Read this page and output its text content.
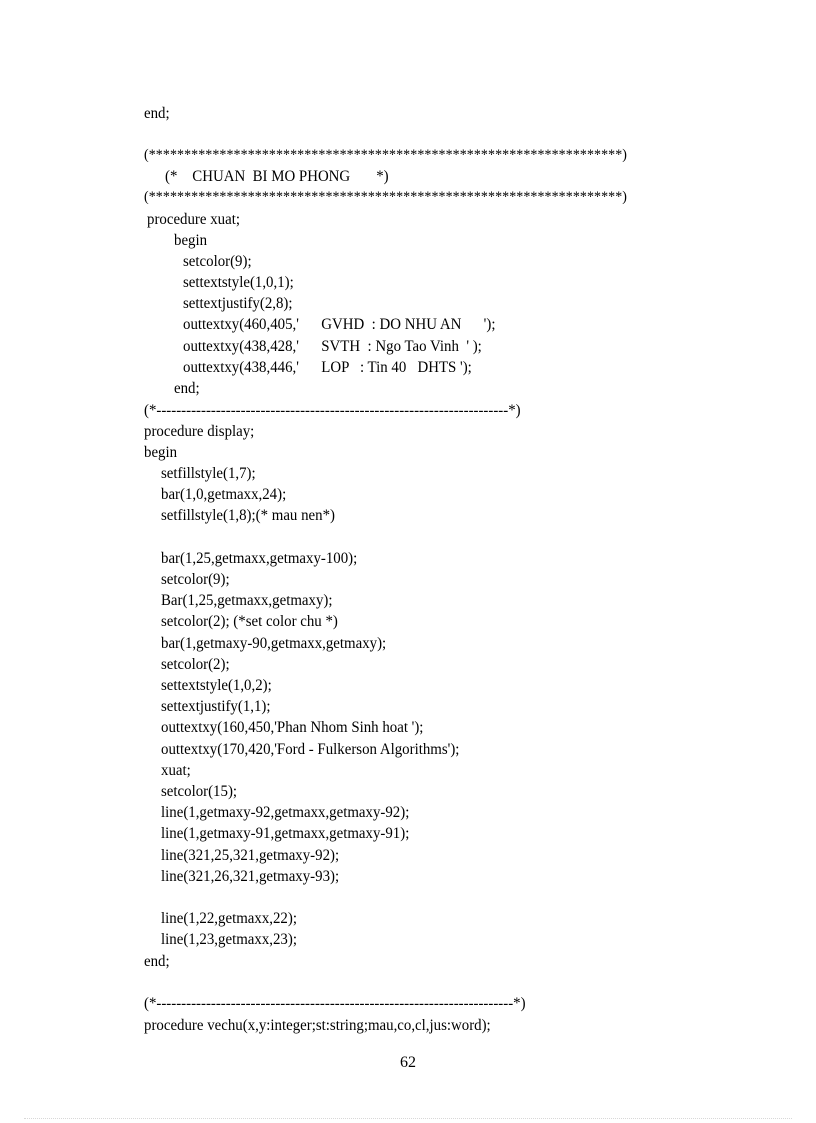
end;
(*******************************************************************)
(*    CHUAN  BI MO PHONG       *)
(*******************************************************************)
procedure xuat;
begin
setcolor(9);
settextstyle(1,0,1);
settextjustify(2,8);
outtextxy(460,405,'      GVHD  : DO NHU AN      ');
outtextxy(438,428,'      SVTH  : Ngo Tao Vinh  ' );
outtextxy(438,446,'      LOP   : Tin 40   DHTS ');
end;
(*-----------------------------------------------------------------------*)
procedure display;
begin
setfillstyle(1,7);
bar(1,0,getmaxx,24);
setfillstyle(1,8);(* mau nen*)
bar(1,25,getmaxx,getmaxy-100);
setcolor(9);
Bar(1,25,getmaxx,getmaxy);
setcolor(2); (*set color chu *)
bar(1,getmaxy-90,getmaxx,getmaxy);
setcolor(2);
settextstyle(1,0,2);
settextjustify(1,1);
outtextxy(160,450,'Phan Nhom Sinh hoat ');
outtextxy(170,420,'Ford - Fulkerson Algorithms');
xuat;
setcolor(15);
line(1,getmaxy-92,getmaxx,getmaxy-92);
line(1,getmaxy-91,getmaxx,getmaxy-91);
line(321,25,321,getmaxy-92);
line(321,26,321,getmaxy-93);
line(1,22,getmaxx,22);
line(1,23,getmaxx,23);
end;
(*------------------------------------------------------------------------*)
procedure vechu(x,y:integer;st:string;mau,co,cl,jus:word);
62
